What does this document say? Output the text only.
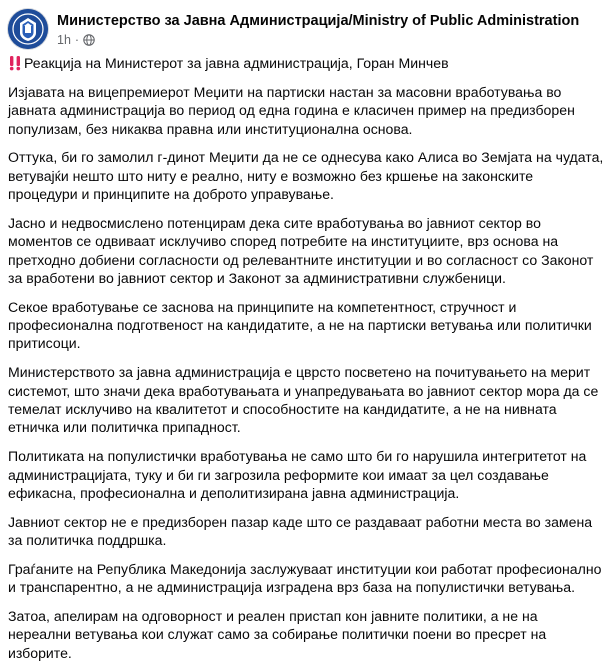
Министерство за Јавна Администрација/Ministry of Public Administration
1h ·

Реакција на Министерот за јавна администрација, Горан Минчев

Изјавата на вицепремиерот Меџити на партиски настан за масовни вработувања во јавната администрација во период од една година е класичен пример на предизборен популизам, без никаква правна или институционална основа.

Оттука, би го замолил г-динот Меџити да не се однесува како Алиса во Земјата на чудата, ветувајќи нешто што ниту е реално, ниту е возможно без кршење на законските процедури и принципите на доброто управување.

Јасно и недвосмислено потенцирам дека сите вработувања во јавниот сектор во моментов се одвиваат исклучиво според потребите на институциите, врз основа на претходно добиени согласности од релевантните институции и во согласност со Законот за вработени во јавниот сектор и Законот за административни службеници.

Секое вработување се заснова на принципите на компетентност, стручност и професионална подготвеност на кандидатите, а не на партиски ветувања или политички притисоци.

Министерството за јавна администрација е цврсто посветено на почитувањето на мерит системот, што значи дека вработувањата и унапредувањата во јавниот сектор мора да се темелат исклучиво на квалитетот и способностите на кандидатите, а не на нивната етничка или политичка припадност.

Политиката на популистички вработувања не само што би го нарушила интегритетот на администрацијата, туку и би ги загрозила реформите кои имаат за цел создавање ефикасна, професионална и деполитизирана јавна администрација.

Јавниот сектор не е предизборен пазар каде што се раздаваат работни места во замена за политичка поддршка.

Граѓаните на Република Македонија заслужуваат институции кои работат професионално и транспарентно, а не администрација изградена врз база на популистички ветувања.

Затоа, апелирам на одговорност и реален пристап кон јавните политики, а не на нереални ветувања кои служат само за собирање политички поени во пресрет на изборите.
